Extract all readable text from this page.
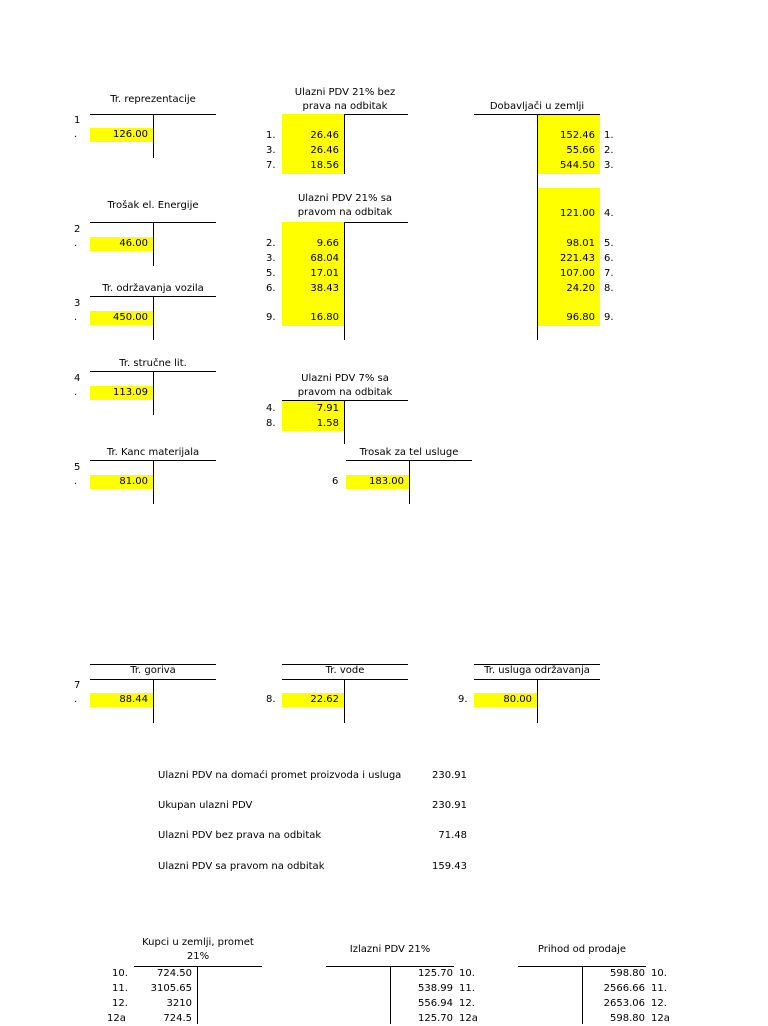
Tr. reprezentacije
1
.	126.00
Trošak el. Energije
2
.	46.00
Tr. održavanja vozila
3
.	450.00
Tr. stručne lit.
4
.	113.09
Tr. Kanc materijala
5
.	81.00
Ulazni PDV 21% bez
prava na odbitak
1.	26.46
3.	26.46
7.	18.56
Ulazni PDV 21% sa
pravom na odbitak
2.	9.66
3.	68.04
5.	17.01
6.	38.43
9.	16.80
Ulazni PDV 7% sa
pravom na odbitak
4.	7.91
8.	1.58
Trosak za tel usluge
6	183.00
Dobavljači u zemlji
152.46 1.
55.66 2.
544.50 3.
121.00 4.
98.01 5.
221.43 6.
107.00 7.
24.20 8.
96.80 9.
Tr. goriva
7
.	88.44
Tr. vode
8.	22.62
Tr. usluga održavanja
9.	80.00
Ulazni PDV na domaći promet proizvoda i usluga	230.91
Ukupan ulazni PDV	230.91
Ulazni PDV bez prava na odbitak	71.48
Ulazni PDV sa pravom na odbitak	159.43
Kupci u zemlji, promet
21%
10.	724.50
11.	3105.65
12.	3210
12a	724.5
Izlazni PDV 21%
125.70 10.
538.99 11.
556.94 12.
125.70 12a
Prihod od prodaje
598.80 10.
2566.66 11.
2653.06 12.
598.80 12a
